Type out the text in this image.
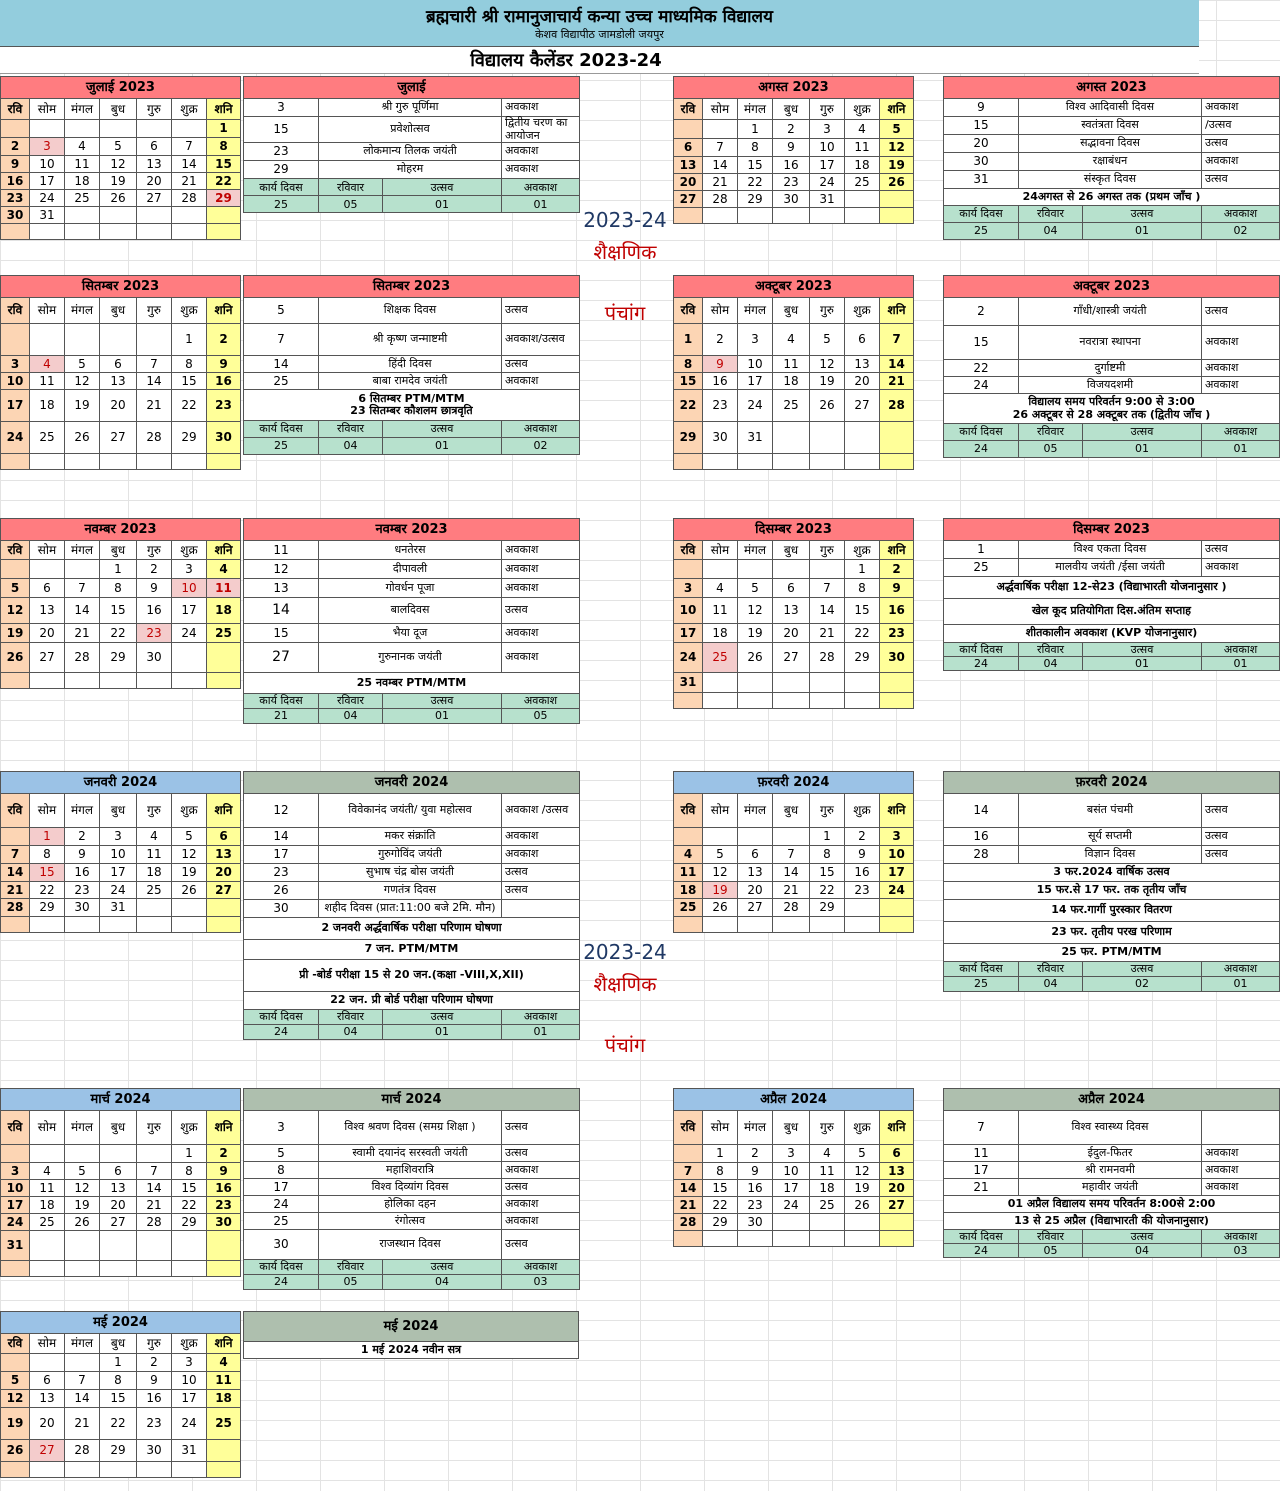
ब्रह्मचारी श्री रामानुजाचार्य कन्या उच्च माध्यमिक विद्यालय
केशव विद्यापीठ जामडोली जयपुर
विद्यालय कैलेंडर 2023-24
2023-24
शैक्षणिक
पंचांग
2023-24
शैक्षणिक
पंचांग
जुलाई 2023						
रवि	सोम	मंगल	बुध	गुरु	शुक्र	शनि
						1
2	3	4	5	6	7	8
9	10	11	12	13	14	15
16	17	18	19	20	21	22
23	24	25	26	27	28	29
30	31					

जुलाई			
3	श्री गुरु पूर्णिमा		अवकाश
15	प्रवेशोत्सव		द्वितीय चरण का आयोजन
23	लोकमान्य तिलक जयंती		अवकाश
29	मोहरम		अवकाश
कार्य दिवस	रविवार	उत्सव	अवकाश
25	05	01	01
अगस्त 2023						
रवि	सोम	मंगल	बुध	गुरु	शुक्र	शनि
		1	2	3	4	5
6	7	8	9	10	11	12
13	14	15	16	17	18	19
20	21	22	23	24	25	26
27	28	29	30	31		

अगस्त 2023			
9	विश्व आदिवासी दिवस		अवकाश
15	स्वतंत्रता दिवस		/उत्सव
20	सद्भावना दिवस		उत्सव
30	रक्षाबंधन		अवकाश
31	संस्कृत दिवस		उत्सव

24अगस्त से 26 अगस्त तक (प्रथम जाँच )			

कार्य दिवस	रविवार	उत्सव	अवकाश
25	04	01	02
सितम्बर 2023						
रवि	सोम	मंगल	बुध	गुरु	शुक्र	शनि
					1	2
3	4	5	6	7	8	9
10	11	12	13	14	15	16
17	18	19	20	21	22	23
24	25	26	27	28	29	30

सितम्बर 2023			
5	शिक्षक दिवस		उत्सव
7	श्री कृष्ण जन्माष्टमी		अवकाश/उत्सव
14	हिंदी दिवस		उत्सव
25	बाबा रामदेव जयंती		अवकाश

6 सितम्बर PTM/MTM
23 सितम्बर कौशलम छात्रवृति			

कार्य दिवस	रविवार	उत्सव	अवकाश
25	04	01	02
अक्टूबर 2023						
रवि	सोम	मंगल	बुध	गुरु	शुक्र	शनि
1	2	3	4	5	6	7
8	9	10	11	12	13	14
15	16	17	18	19	20	21
22	23	24	25	26	27	28
29	30	31				

अक्टूबर 2023			
2	गाँधी/शास्त्री जयंती		उत्सव
15	नवरात्रा स्थापना		अवकाश
22	दुर्गाष्टमी		अवकाश
24	विजयदशमी		अवकाश

विद्यालय समय परिवर्तन 9:00 से 3:00
26 अक्टूबर से 28 अक्टूबर तक (द्वितीय जाँच )			

कार्य दिवस	रविवार	उत्सव	अवकाश
24	05	01	01
नवम्बर 2023						
रवि	सोम	मंगल	बुध	गुरु	शुक्र	शनि
			1	2	3	4
5	6	7	8	9	10	11
12	13	14	15	16	17	18
19	20	21	22	23	24	25
26	27	28	29	30		

नवम्बर 2023			
11	धनतेरस		अवकाश
12	दीपावली		अवकाश
13	गोवर्धन पूजा		अवकाश
14	बालदिवस		उत्सव
15	भैया दूज		अवकाश
27	गुरुनानक जयंती		अवकाश

25 नवम्बर PTM/MTM			

कार्य दिवस	रविवार	उत्सव	अवकाश
21	04	01	05
दिसम्बर 2023						
रवि	सोम	मंगल	बुध	गुरु	शुक्र	शनि
					1	2
3	4	5	6	7	8	9
10	11	12	13	14	15	16
17	18	19	20	21	22	23
24	25	26	27	28	29	30
31						

दिसम्बर 2023			
1	विश्व एकता दिवस		उत्सव
25	मालवीय जयंती /ईसा जयंती		अवकाश

अर्द्धवार्षिक परीक्षा 12-से23 (विद्याभारती योजनानुसार )			

खेल कूद प्रतियोगिता दिस.अंतिम सप्ताह			

शीतकालीन अवकाश (KVP योजनानुसार)			

कार्य दिवस	रविवार	उत्सव	अवकाश
24	04	01	01
जनवरी 2024						
रवि	सोम	मंगल	बुध	गुरु	शुक्र	शनि
	1	2	3	4	5	6
7	8	9	10	11	12	13
14	15	16	17	18	19	20
21	22	23	24	25	26	27
28	29	30	31			

जनवरी 2024			
12	विवेकानंद जयंती/ युवा महोत्सव		अवकाश /उत्सव
14	मकर संक्रांति		अवकाश
17	गुरुगोविंद जयंती		अवकाश
23	सुभाष चंद्र बोस जयंती		उत्सव
26	गणतंत्र दिवस		उत्सव
30	शहीद दिवस (प्रात:11:00 बजे 2मि. मौन)		

2 जनवरी अर्द्धवार्षिक परीक्षा परिणाम घोषणा			

7 जन. PTM/MTM			

प्री -बोर्ड परीक्षा 15 से 20 जन.(कक्षा -VIII,X,XII)			

22 जन. प्री बोर्ड परीक्षा परिणाम घोषणा			

कार्य दिवस	रविवार	उत्सव	अवकाश
24	04	01	01
फ़रवरी 2024						
रवि	सोम	मंगल	बुध	गुरु	शुक्र	शनि
				1	2	3
4	5	6	7	8	9	10
11	12	13	14	15	16	17
18	19	20	21	22	23	24
25	26	27	28	29		

फ़रवरी 2024			
14	बसंत पंचमी		उत्सव
16	सूर्य सप्तमी		उत्सव
28	विज्ञान दिवस		उत्सव

3 फर.2024 वार्षिक उत्सव			

15 फर.से 17 फर. तक तृतीय जाँच			

14 फर.गार्गी पुरस्कार वितरण			

23 फर. तृतीय परख परिणाम			

25 फर. PTM/MTM			

कार्य दिवस	रविवार	उत्सव	अवकाश
25	04	02	01
मार्च 2024						
रवि	सोम	मंगल	बुध	गुरु	शुक्र	शनि
					1	2
3	4	5	6	7	8	9
10	11	12	13	14	15	16
17	18	19	20	21	22	23
24	25	26	27	28	29	30
31						

मार्च 2024			
3	विश्व श्रवण दिवस (समग्र शिक्षा )		उत्सव
5	स्वामी दयानंद सरस्वती जयंती		उत्सव
8	महाशिवरात्रि		अवकाश
17	विश्व दिव्यांग दिवस		उत्सव
24	होलिका दहन		अवकाश
25	रंगोत्सव		अवकाश
30	राजस्थान दिवस		उत्सव
कार्य दिवस	रविवार	उत्सव	अवकाश
24	05	04	03
अप्रैल 2024						
रवि	सोम	मंगल	बुध	गुरु	शुक्र	शनि
	1	2	3	4	5	6
7	8	9	10	11	12	13
14	15	16	17	18	19	20
21	22	23	24	25	26	27
28	29	30				

अप्रैल 2024			
7	विश्व स्वास्थ्य दिवस		
11	ईदुल-फितर		अवकाश
17	श्री रामनवमी		अवकाश
21	महावीर जयंती		अवकाश

01 अप्रैल विद्यालय समय परिवर्तन 8:00से 2:00			

13 से 25 अप्रैल (विद्याभारती की योजनानुसार)			

कार्य दिवस	रविवार	उत्सव	अवकाश
24	05	04	03
मई 2024						
रवि	सोम	मंगल	बुध	गुरु	शुक्र	शनि
			1	2	3	4
5	6	7	8	9	10	11
12	13	14	15	16	17	18
19	20	21	22	23	24	25
26	27	28	29	30	31	

मई 2024
1 मई 2024 नवीन सत्र
